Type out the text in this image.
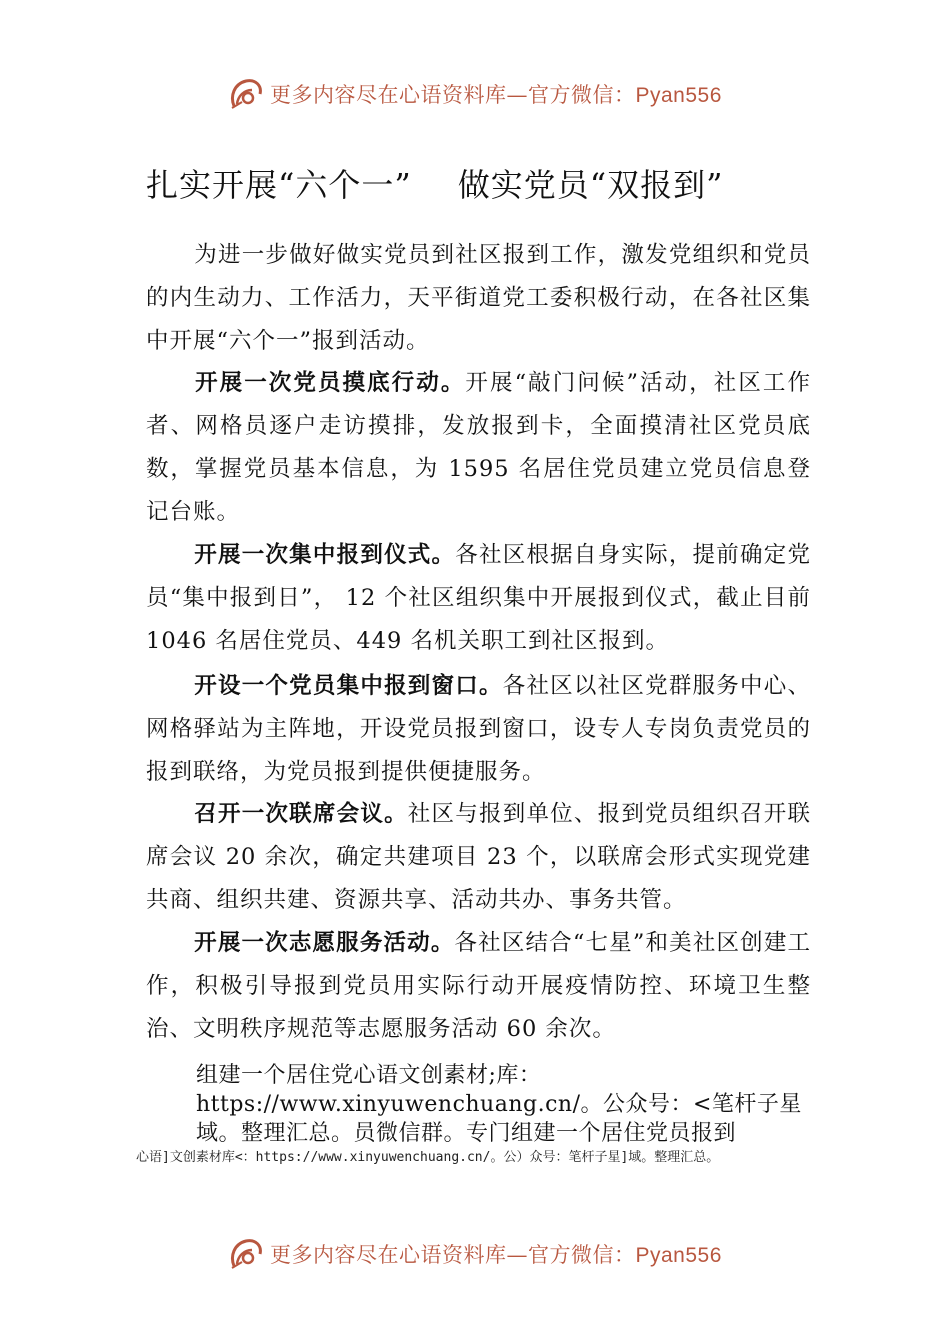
更多内容尽在心语资料库—官方微信：Pyan556
扎实开展“六个一” 做实党员“双报到”

为进一步做好做实党员到社区报到工作，激发党组织和党员的内生动力、工作活力，天平街道党工委积极行动，在各社区集中开展“六个一”报到活动。

开展一次党员摸底行动。开展“敲门问候”活动，社区工作者、网格员逐户走访摸排，发放报到卡，全面摸清社区党员底数，掌握党员基本信息，为 1595 名居住党员建立党员信息登记台账。

开展一次集中报到仪式。各社区根据自身实际，提前确定党员“集中报到日”， 12 个社区组织集中开展报到仪式，截止目前 1046 名居住党员、449 名机关职工到社区报到。

开设一个党员集中报到窗口。各社区以社区党群服务中心、网格驿站为主阵地，开设党员报到窗口，设专人专岗负责党员的报到联络，为党员报到提供便捷服务。

召开一次联席会议。社区与报到单位、报到党员组织召开联席会议 20 余次，确定共建项目 23 个，以联席会形式实现党建共商、组织共建、资源共享、活动共办、事务共管。

开展一次志愿服务活动。各社区结合“七星”和美社区创建工作，积极引导报到党员用实际行动开展疫情防控、环境卫生整治、文明秩序规范等志愿服务活动 60 余次。

组建一个居住党心语文创素材;库：https://www.xinyuwenchuang.cn/。公众号：<笔杆子星域。整理汇总。员微信群。专门组建一个居住党员报到

心语]文创素材库<：https://www.xinyuwenchuang.cn/。公）众号：笔杆子星]域。整理汇总。

更多内容尽在心语资料库—官方微信：Pyan556
